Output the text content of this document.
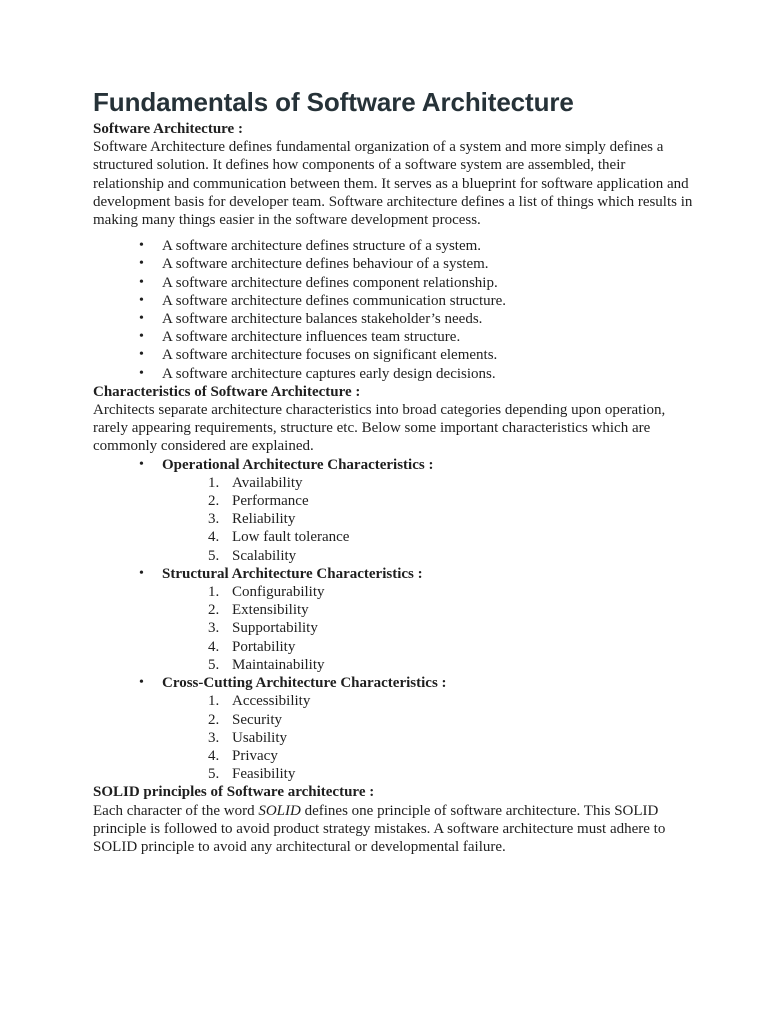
Fundamentals of Software Architecture
Software Architecture :

Software Architecture defines fundamental organization of a system and more simply defines a structured solution. It defines how components of a software system are assembled, their relationship and communication between them. It serves as a blueprint for software application and development basis for developer team. Software architecture defines a list of things which results in making many things easier in the software development process.

• A software architecture defines structure of a system.
• A software architecture defines behaviour of a system.
• A software architecture defines component relationship.
• A software architecture defines communication structure.
• A software architecture balances stakeholder’s needs.
• A software architecture influences team structure.
• A software architecture focuses on significant elements.
• A software architecture captures early design decisions.
Characteristics of Software Architecture :

Architects separate architecture characteristics into broad categories depending upon operation, rarely appearing requirements, structure etc. Below some important characteristics which are commonly considered are explained.

• Operational Architecture Characteristics :
1. Availability
2. Performance
3. Reliability
4. Low fault tolerance
5. Scalability
• Structural Architecture Characteristics :
1. Configurability
2. Extensibility
3. Supportability
4. Portability
5. Maintainability
• Cross-Cutting Architecture Characteristics :
1. Accessibility
2. Security
3. Usability
4. Privacy
5. Feasibility
SOLID principles of Software architecture :

Each character of the word SOLID defines one principle of software architecture. This SOLID principle is followed to avoid product strategy mistakes. A software architecture must adhere to SOLID principle to avoid any architectural or developmental failure.
